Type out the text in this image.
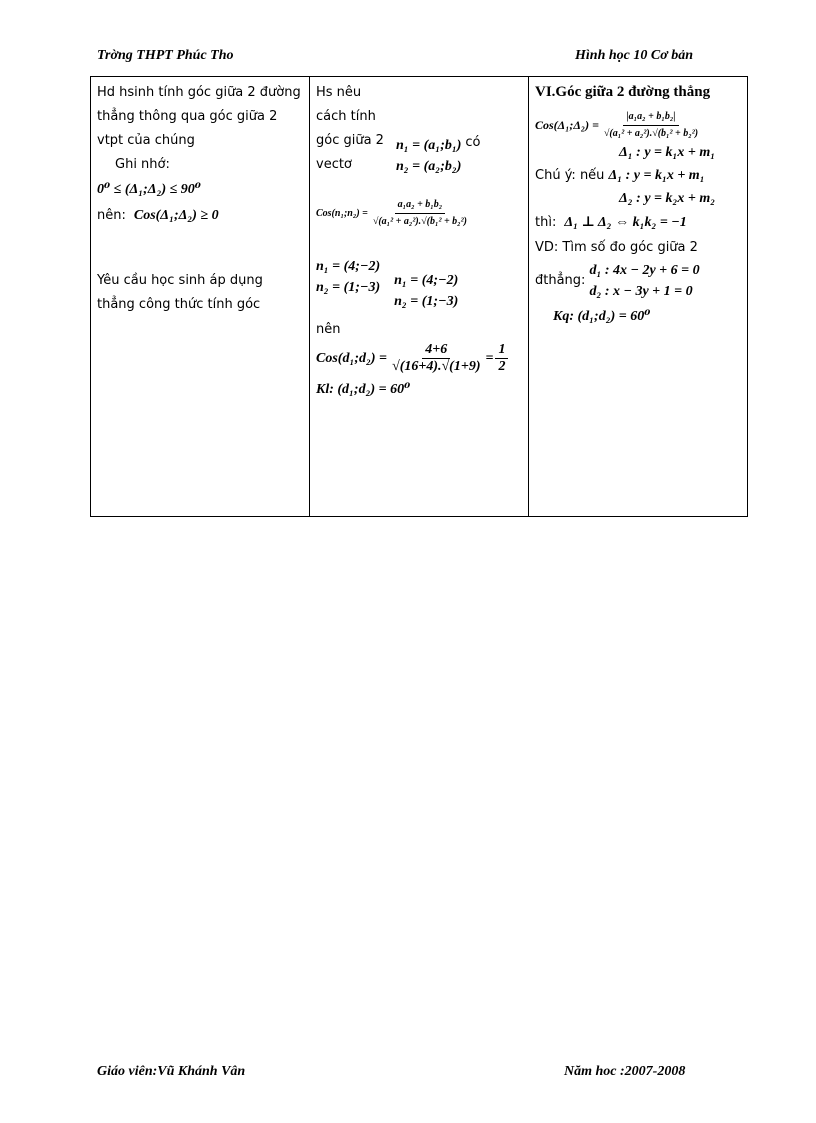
Trờng THPT Phúc Tho	Hình học 10 Cơ bản
Hd hsinh tính góc giữa 2 đường thẳng thông qua góc giữa 2 vtpt của chúng
Ghi nhớ:
0⁰ ≤ (Δ₁;Δ₂) ≤ 90⁰
nên: Cos(Δ₁;Δ₂) ≥ 0
Yêu cầu học sinh áp dụng thẳng công thức tính góc

Hs nêu cách tính góc giữa 2 vectơ
n₁ = (a₁;b₁)
n₂ = (a₂;b₂)
có
Cos(n₁;n₂) = $\frac{\text{a₁a₂ + b₁b₂}}{\text{√(a₁² + a₂²).√(b₁² + b₂²)}}$
n₁ = (4;−2)
n₂ = (1;−3) n₁ = (4;−2)
n₂ = (1;−3)
nên
Cos(d₁;d₂) = $\frac{4+6}{√(16+4).√(1+9)} = \frac{1}{2}$
Kl: (d₁;d₂) = 60⁰

VI.Góc giữa 2 đường thẳng
Cos(Δ₁;Δ₂) = $\frac{\text{|a₁a₂ + b₁b₂|}}{\text{√(a₁² + a₂²).√(b₁² + b₂²)}}$
Δ₁ : y = k₁x + m₁
Chú ý: nếu Δ₁ : y = k₁x + m₁
Δ₂ : y = k₂x + m₂
thì: Δ₁ ⊥ Δ₂ ⇔ k₁k₂ = −1
VD: Tìm số đo góc giữa 2
đthẳng:
d₁ : 4x − 2y + 6 = 0
d₂ : x − 3y + 1 = 0
Kq: (d₁;d₂) = 60⁰
Giáo viên:Vũ Khánh Vân	Năm hoc :2007-2008
